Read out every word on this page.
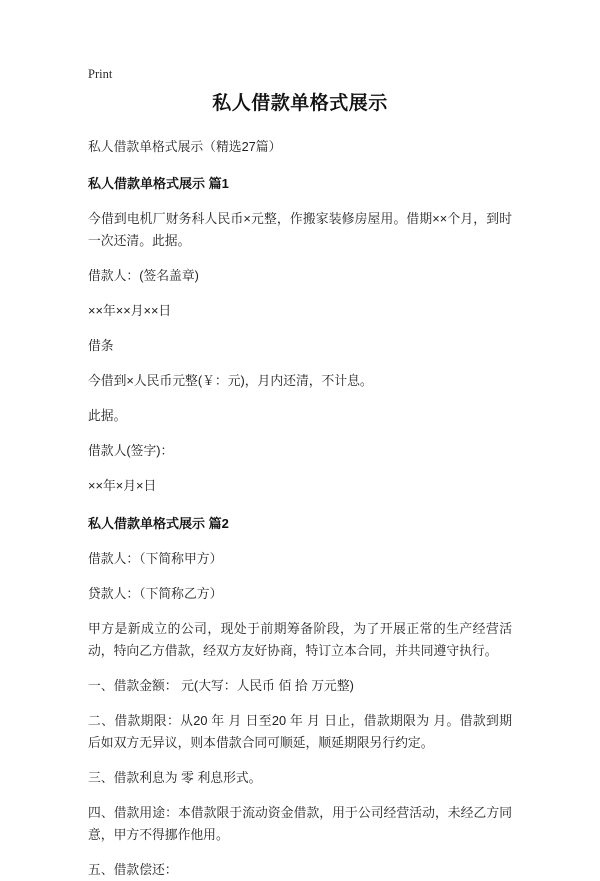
Print
私人借款单格式展示

私人借款单格式展示（精选27篇）

私人借款单格式展示 篇1

今借到电机厂财务科人民币×元整，作搬家装修房屋用。借期××个月，到时一次还清。此据。

借款人：(签名盖章)

××年××月××日

借条

今借到×人民币元整(￥：元)，月内还清，不计息。

此据。

借款人(签字)：

××年×月×日

私人借款单格式展示 篇2

借款人：（下简称甲方）

贷款人：（下简称乙方）

甲方是新成立的公司，现处于前期筹备阶段，为了开展正常的生产经营活动，特向乙方借款，经双方友好协商，特订立本合同，并共同遵守执行。

一、借款金额： 元(大写：人民币 佰 拾 万元整)

二、借款期限：从20 年 月 日至20 年 月 日止，借款期限为 月。借款到期后如双方无异议，则本借款合同可顺延，顺延期限另行约定。

三、借款利息为 零 利息形式。

四、借款用途：本借款限于流动资金借款，用于公司经营活动，未经乙方同意，甲方不得挪作他用。

五、借款偿还：
